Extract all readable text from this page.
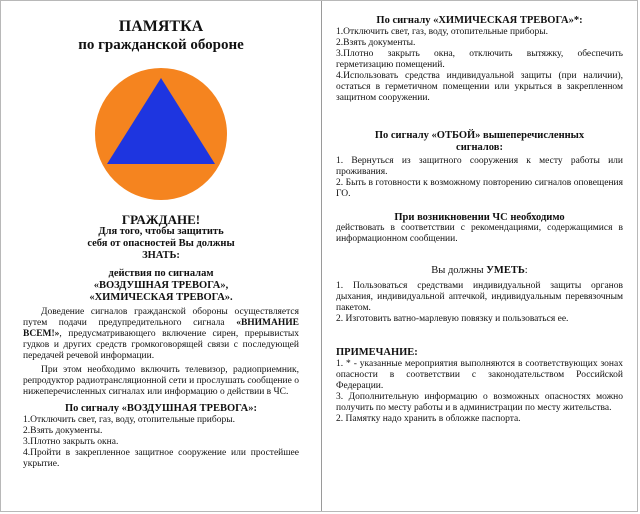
ПАМЯТКА
по гражданской обороне
ГРАЖДАНЕ!
Для того, чтобы защитить
себя от опасностей Вы должны
ЗНАТЬ:
действия по сигналам
«ВОЗДУШНАЯ ТРЕВОГА»,
«ХИМИЧЕСКАЯ ТРЕВОГА».

Доведение сигналов гражданской обороны осуществляется путем подачи предупредительного сигнала «ВНИМАНИЕ ВСЕМ!», предусматривающего включение сирен, прерывистых гудков и других средств громкоговорящей связи с последующей передачей речевой информации.

При этом необходимо включить телевизор, радиоприемник, репродуктор радиотрансляционной сети и прослушать сообщение о нижеперечисленных сигналах или информацию о действии в ЧС.

По сигналу «ВОЗДУШНАЯ ТРЕВОГА»:
1.Отключить свет, газ, воду, отопительные приборы.
2.Взять документы.
3.Плотно закрыть окна.
4.Пройти в закрепленное защитное сооружение или простейшее укрытие.
По сигналу «ХИМИЧЕСКАЯ ТРЕВОГА»*:
1.Отключить свет, газ, воду, отопительные приборы.
2.Взять документы.
3.Плотно закрыть окна, отключить вытяжку, обеспечить герметизацию помещений.
4.Использовать средства индивидуальной защиты (при наличии), остаться в герметичном помещении или укрыться в закрепленном защитном сооружении.
По сигналу «ОТБОЙ» вышеперечисленных
сигналов:
1. Вернуться из защитного сооружения к месту работы или проживания.
2. Быть в готовности к возможному повторению сигналов оповещения ГО.

При возникновении ЧС необходимо
действовать в соответствии с рекомендациями, содержащимися в информационном сообщении.

Вы должны УМЕТЬ:
1. Пользоваться средствами индивидуальной защиты органов дыхания, индивидуальной аптечкой, индивидуальным перевязочным пакетом.
2. Изготовить ватно-марлевую повязку и пользоваться ее.
ПРИМЕЧАНИЕ:
1. * - указанные мероприятия выполняются в соответствующих зонах опасности в соответствии с законодательством Российской Федерации.
3. Дополнительную информацию о возможных опасностях можно получить по месту работы и в администрации по месту жительства.
2. Памятку надо хранить в обложке паспорта.
